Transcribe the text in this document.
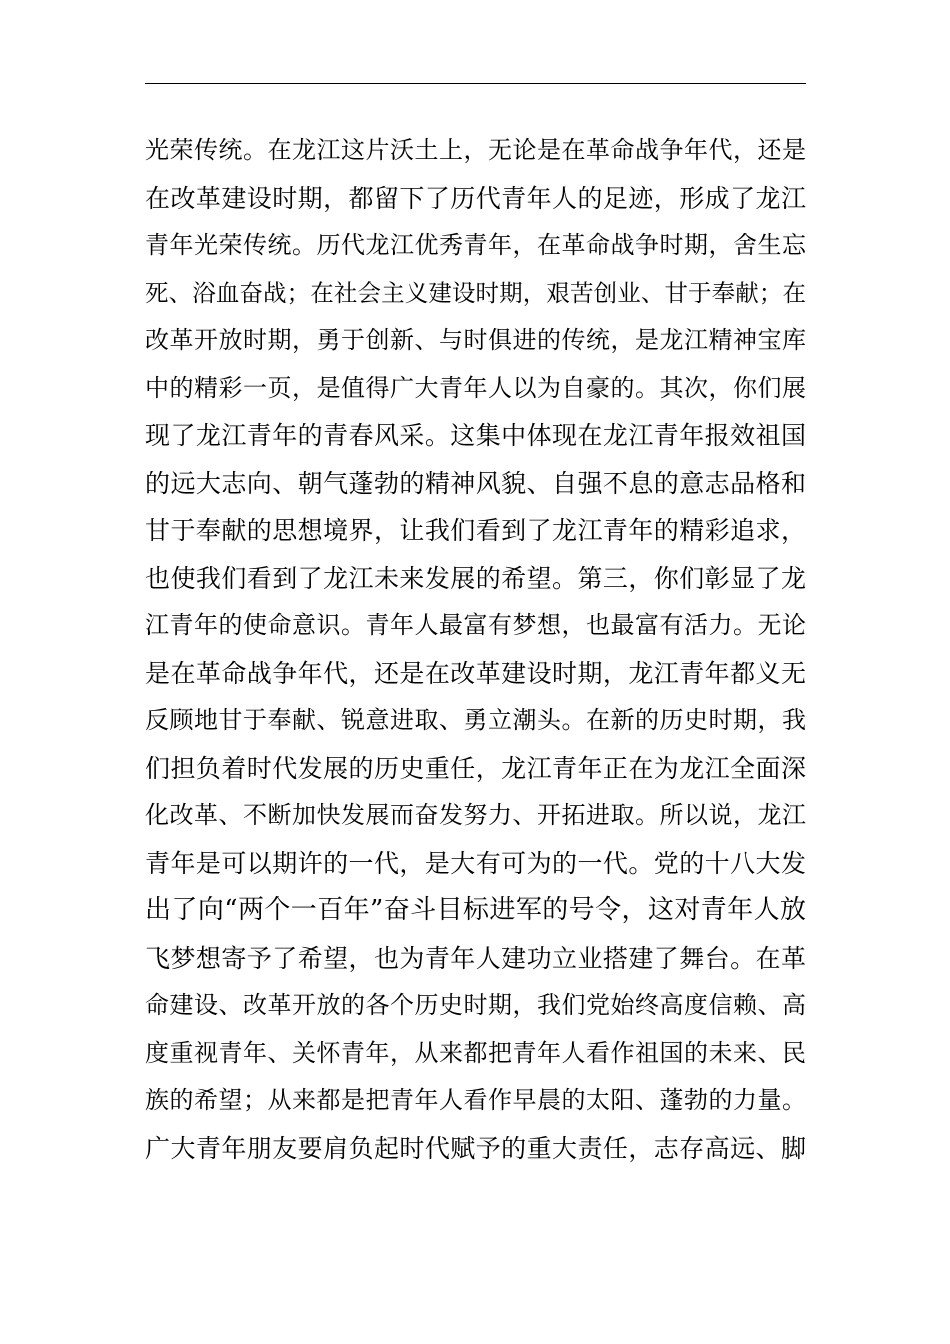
光荣传统。在龙江这片沃土上，无论是在革命战争年代，还是
在改革建设时期，都留下了历代青年人的足迹，形成了龙江
青年光荣传统。历代龙江优秀青年，在革命战争时期，舍生忘
死、浴血奋战；在社会主义建设时期，艰苦创业、甘于奉献；在
改革开放时期，勇于创新、与时俱进的传统，是龙江精神宝库
中的精彩一页，是值得广大青年人以为自豪的。其次，你们展
现了龙江青年的青春风采。这集中体现在龙江青年报效祖国
的远大志向、朝气蓬勃的精神风貌、自强不息的意志品格和
甘于奉献的思想境界，让我们看到了龙江青年的精彩追求，
也使我们看到了龙江未来发展的希望。第三，你们彰显了龙
江青年的使命意识。青年人最富有梦想，也最富有活力。无论
是在革命战争年代，还是在改革建设时期，龙江青年都义无
反顾地甘于奉献、锐意进取、勇立潮头。在新的历史时期，我
们担负着时代发展的历史重任，龙江青年正在为龙江全面深
化改革、不断加快发展而奋发努力、开拓进取。所以说，龙江
青年是可以期许的一代，是大有可为的一代。党的十八大发
出了向“两个一百年”奋斗目标进军的号令，这对青年人放
飞梦想寄予了希望，也为青年人建功立业搭建了舞台。在革
命建设、改革开放的各个历史时期，我们党始终高度信赖、高
度重视青年、关怀青年，从来都把青年人看作祖国的未来、民
族的希望；从来都是把青年人看作早晨的太阳、蓬勃的力量。
广大青年朋友要肩负起时代赋予的重大责任，志存高远、脚
